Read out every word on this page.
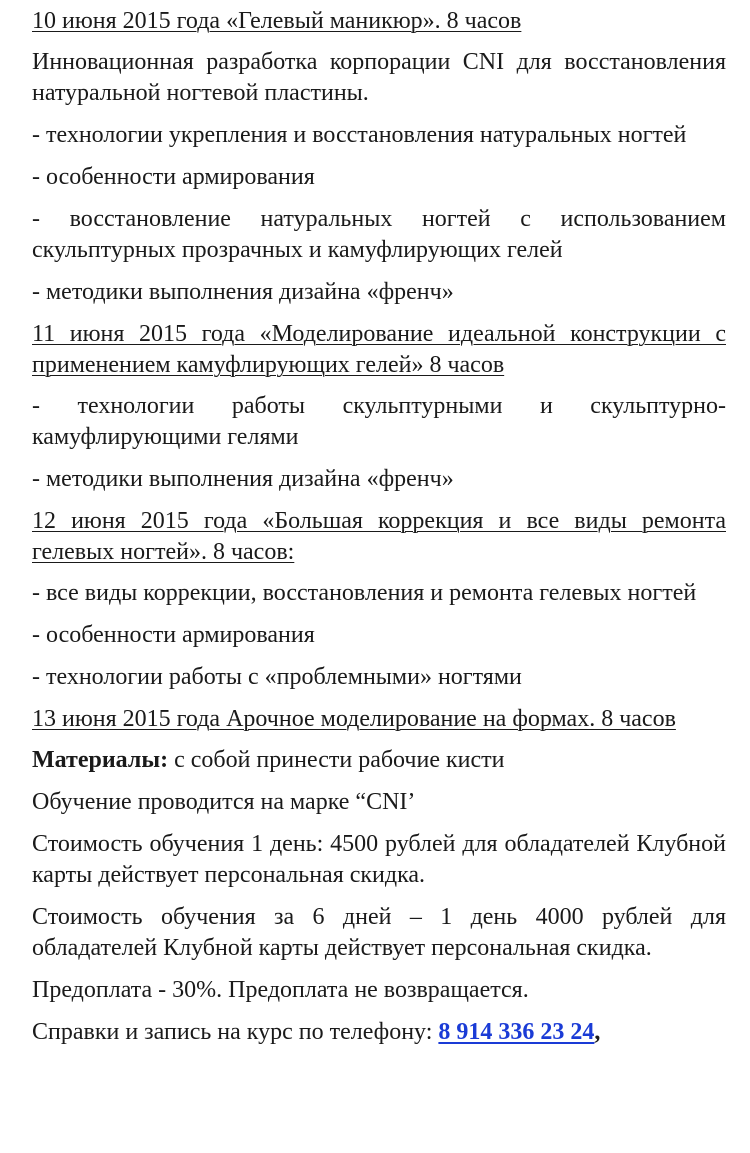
10 июня 2015 года «Гелевый маникюр». 8 часов
Инновационная разработка корпорации CNI для восстановления натуральной ногтевой пластины.
- технологии укрепления и восстановления натуральных ногтей
- особенности армирования
- восстановление натуральных ногтей с использованием скульптурных прозрачных и камуфлирующих гелей
- методики выполнения дизайна «френч»
11 июня 2015 года «Моделирование идеальной конструкции с применением камуфлирующих гелей» 8 часов
- технологии работы скульптурными и скульптурно-камуфлирующими гелями
- методики выполнения дизайна «френч»
12 июня 2015 года «Большая коррекция и все виды ремонта гелевых ногтей». 8 часов:
- все виды коррекции, восстановления и ремонта гелевых ногтей
- особенности армирования
- технологии работы с «проблемными» ногтями
13 июня 2015 года Арочное моделирование на формах. 8 часов
Материалы: с собой принести рабочие кисти
Обучение проводится на марке “CNI’
Стоимость обучения 1 день: 4500 рублей для обладателей Клубной карты действует персональная скидка.
Стоимость обучения за 6 дней – 1 день 4000 рублей для обладателей Клубной карты действует персональная скидка.
Предоплата - 30%. Предоплата не возвращается.
Справки и запись на курс по телефону: 8 914 336 23 24,
